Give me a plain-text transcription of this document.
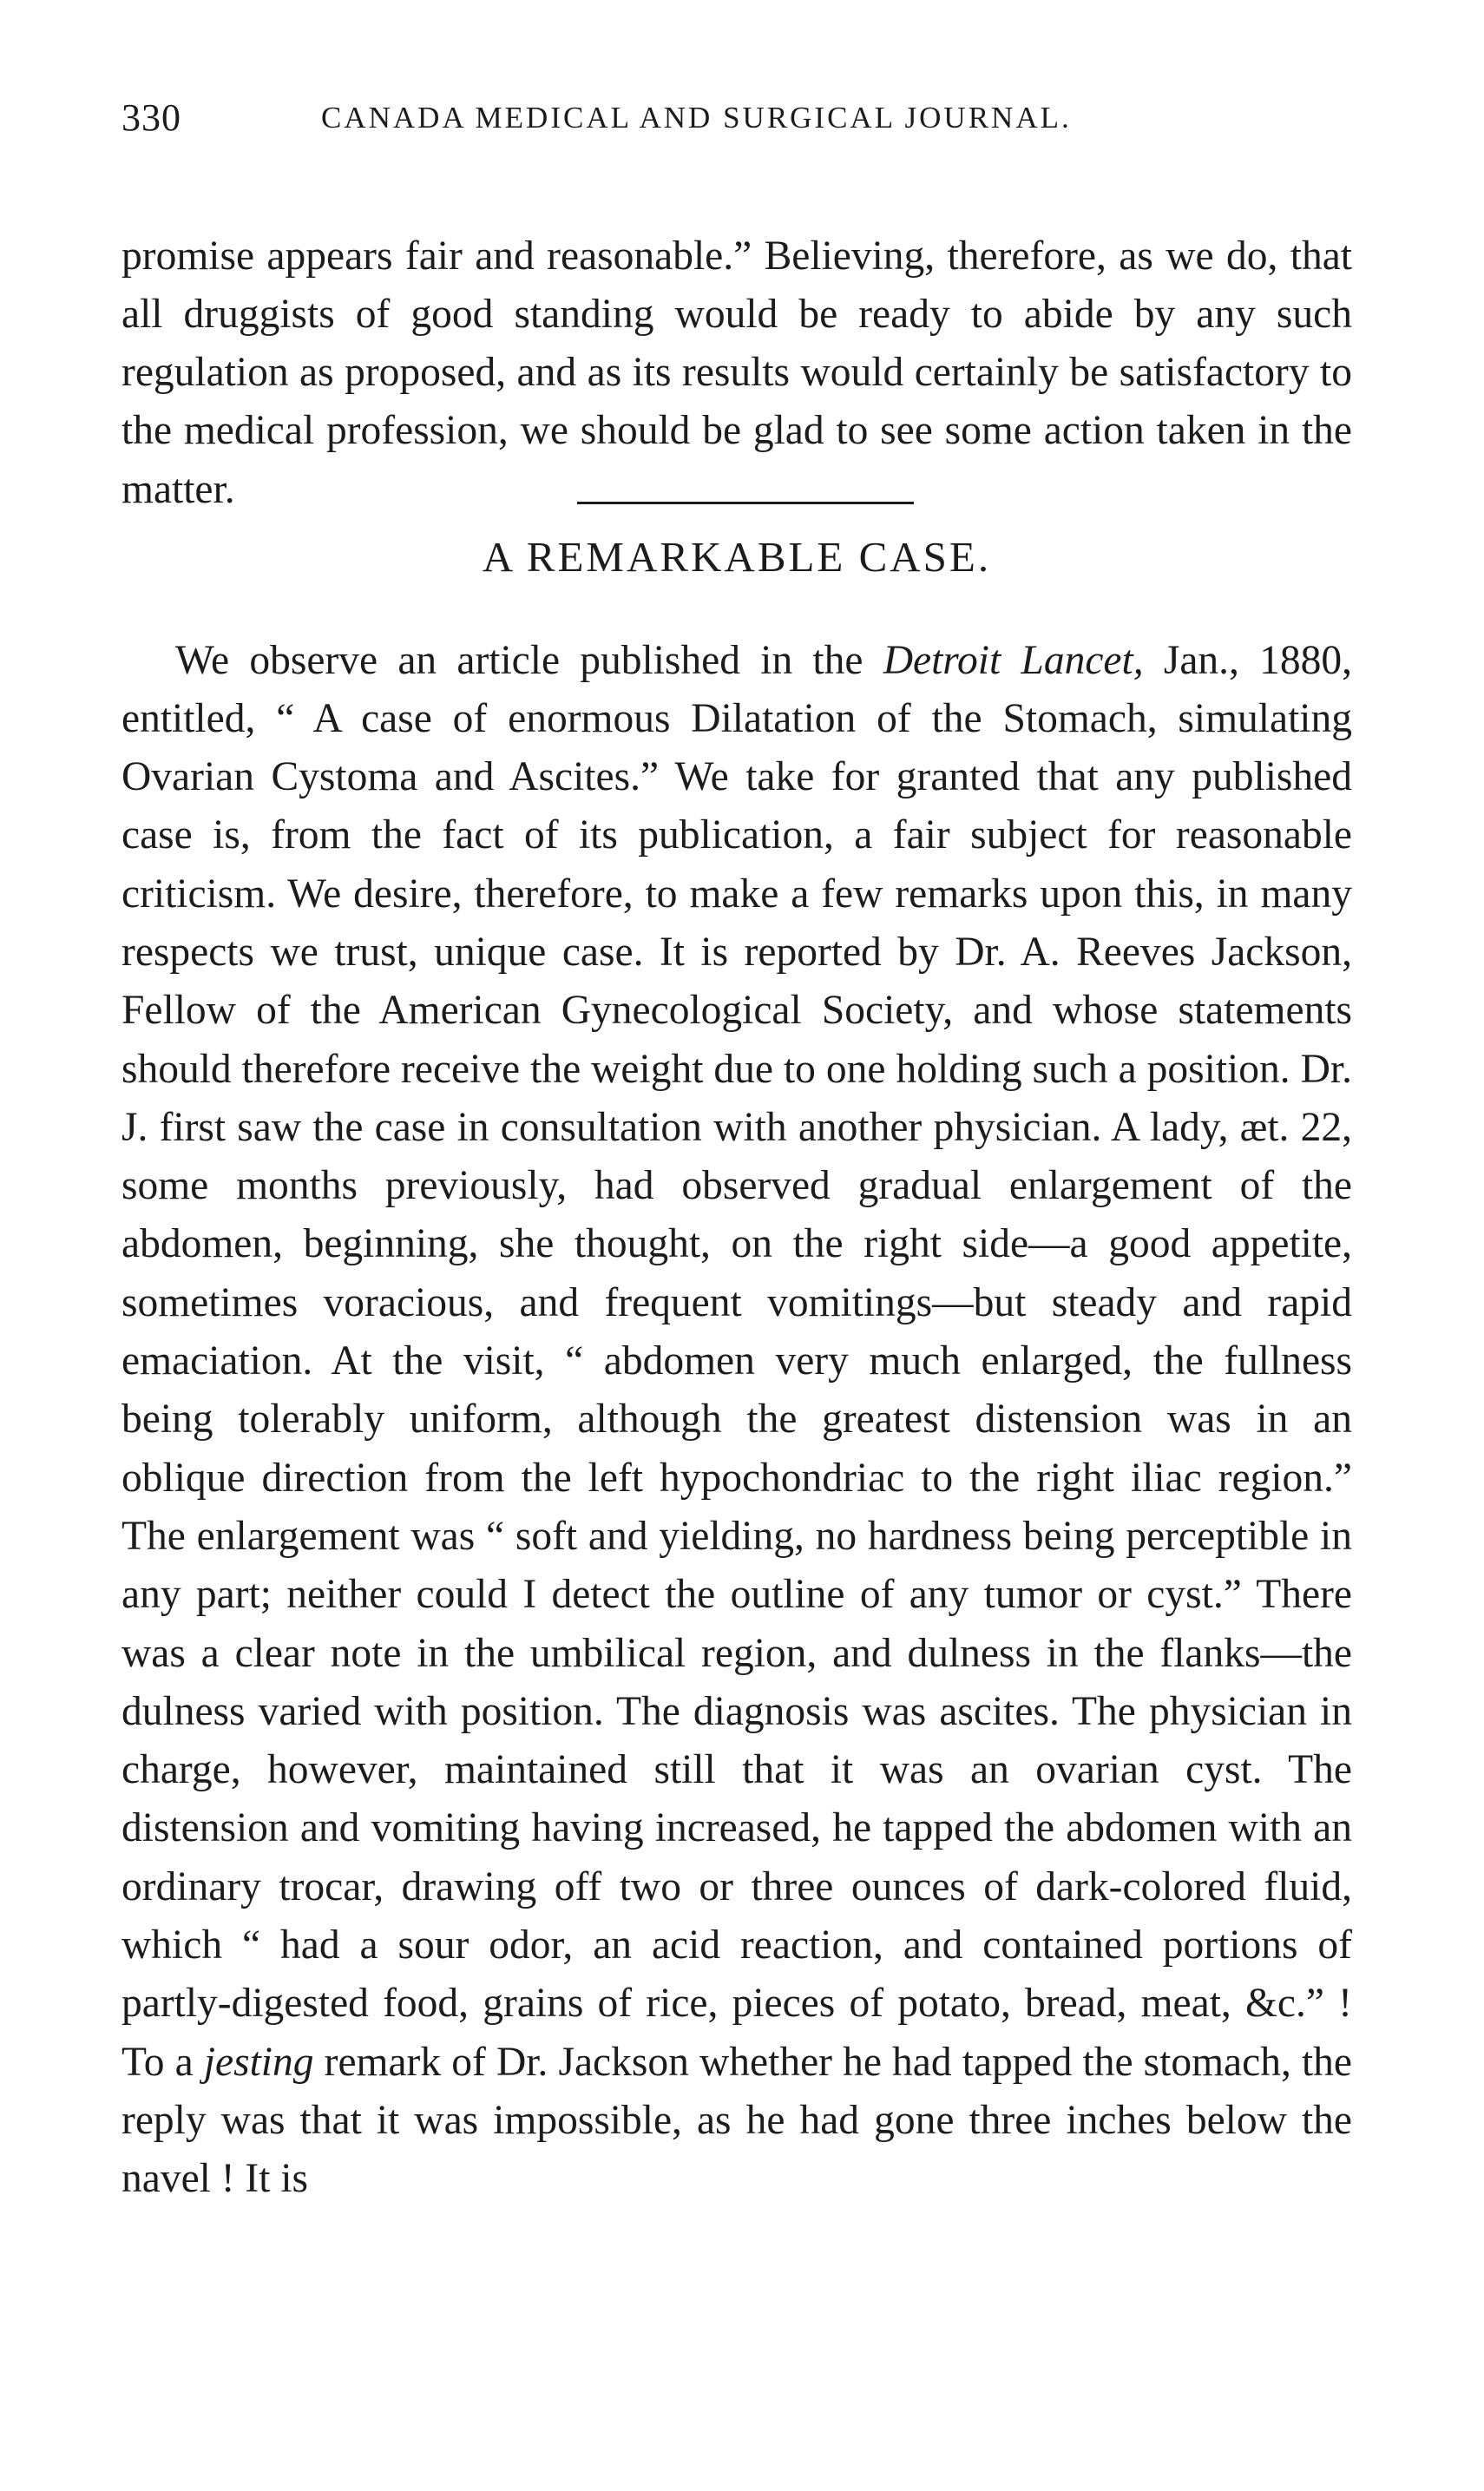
330	CANADA MEDICAL AND SURGICAL JOURNAL.

promise appears fair and reasonable.” Believing, therefore, as we do, that all druggists of good standing would be ready to abide by any such regulation as proposed, and as its results would certainly be satisfactory to the medical profession, we should be glad to see some action taken in the matter.

A REMARKABLE CASE.

We observe an article published in the Detroit Lancet, Jan., 1880, entitled, “ A case of enormous Dilatation of the Stomach, simulating Ovarian Cystoma and Ascites.” We take for granted that any published case is, from the fact of its publication, a fair subject for reasonable criticism. We desire, therefore, to make a few remarks upon this, in many respects we trust, unique case. It is reported by Dr. A. Reeves Jackson, Fellow of the American Gynecological Society, and whose statements should therefore receive the weight due to one holding such a position. Dr. J. first saw the case in consultation with another physician. A lady, æt. 22, some months previously, had observed gradual enlargement of the abdomen, beginning, she thought, on the right side—a good appetite, sometimes voracious, and frequent vomitings—but steady and rapid emaciation. At the visit, “ abdomen very much enlarged, the fullness being tolerably uniform, although the greatest distension was in an oblique direction from the left hypochondriac to the right iliac region.” The enlargement was “ soft and yielding, no hardness being perceptible in any part; neither could I detect the outline of any tumor or cyst.” There was a clear note in the umbilical region, and dulness in the flanks—the dulness varied with position. The diagnosis was ascites. The physician in charge, however, maintained still that it was an ovarian cyst. The distension and vomiting having increased, he tapped the abdomen with an ordinary trocar, drawing off two or three ounces of dark-colored fluid, which “ had a sour odor, an acid reaction, and contained portions of partly-digested food, grains of rice, pieces of potato, bread, meat, &c.” ! To a jesting remark of Dr. Jackson whether he had tapped the stomach, the reply was that it was impossible, as he had gone three inches below the navel ! It is
